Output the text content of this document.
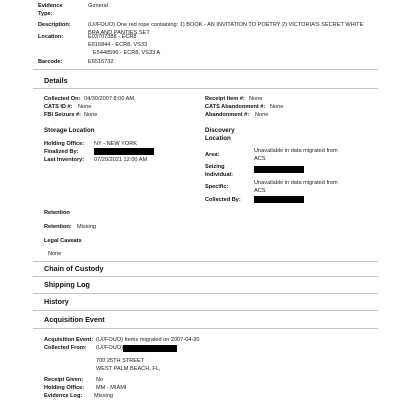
Evidence Type:
General
Description:	(U//FOUO) One red rope containing: 1) BOOK - AN INVITATION TO POETRY 2) VICTORIA'S SECRET WHITE BRA AND PANTIES SET
Location:	E03707388 - ECR8
E616844 - ECR8, VS33
E5448596 - ECR8, VS33 A
Barcode:	E6516732
Details
Collected On: 04/30/2007 8:00 AM
CATS ID #: None
FBI Seizure #: None
Receipt Item #: None
CATS Abandonment #: None
Abandonment #: None
Storage Location
Holding Office: NY - NEW YORK
Finalized By:
Last Inventory: 07/20/2021 12:00 AM
Discovery Location
Area:
Unavailable in data migrated from ACS
Seizing Individual:
Specific:
Unavailable in data migrated from ACS
Collected By:
Retention
Retention: Missing
Legal Caveats
None
Chain of Custody
Shipping Log
History
Acquisition Event
Acquisition Event: (U//FOUO) Items migrated on 2007-04-30
Collected From: (U//FOUO)
700 25TH STREET
WEST PALM BEACH, FL,
Receipt Given: No
Holding Office: MM - MIAMI
Evidence Log: Missing
